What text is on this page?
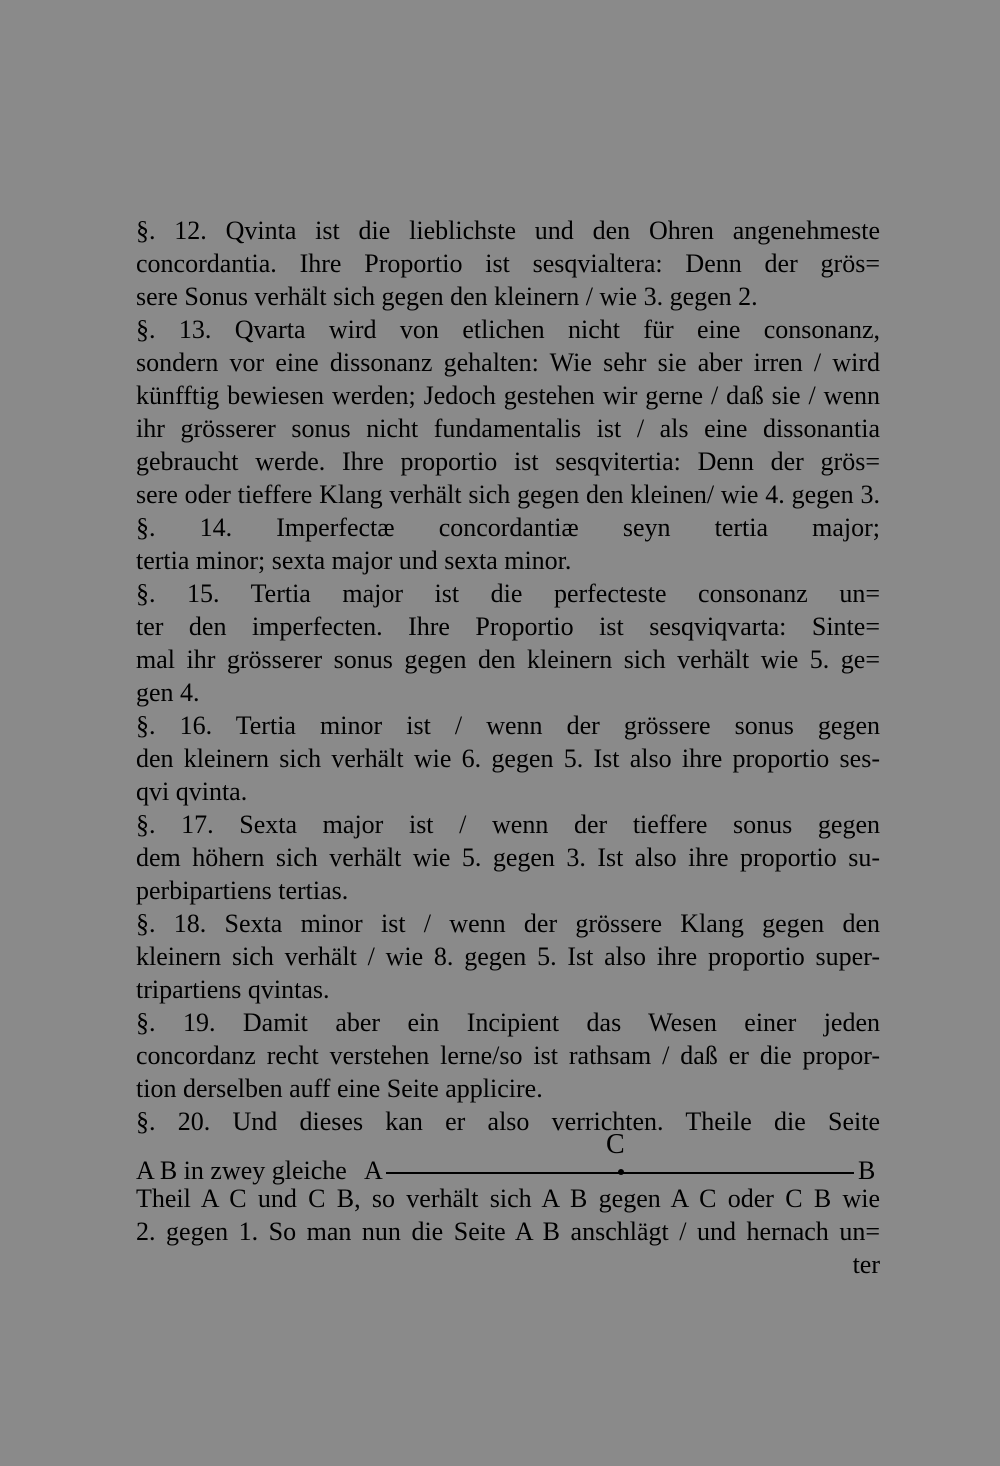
§. 12. Qvinta ist die lieblichste und den Ohren angenehmeste
concordantia. Ihre Proportio ist sesqvialtera: Denn der grös=
sere Sonus verhält sich gegen den kleinern / wie 3. gegen 2.
§. 13. Qvarta wird von etlichen nicht für eine consonanz,
sondern vor eine dissonanz gehalten: Wie sehr sie aber irren / wird
künfftig bewiesen werden; Jedoch gestehen wir gerne / daß sie / wenn
ihr grösserer sonus nicht fundamentalis ist / als eine dissonantia
gebraucht werde. Ihre proportio ist sesqvitertia: Denn der grös=
sere oder tieffere Klang verhält sich gegen den kleinen/ wie 4. gegen 3.
§. 14. Imperfectæ concordantiæ seyn tertia major;
tertia minor; sexta major und sexta minor.
§. 15. Tertia major ist die perfecteste consonanz un=
ter den imperfecten. Ihre Proportio ist sesqviqvarta: Sinte=
mal ihr grösserer sonus gegen den kleinern sich verhält wie 5. ge=
gen 4.
§. 16. Tertia minor ist / wenn der grössere sonus gegen
den kleinern sich verhält wie 6. gegen 5. Ist also ihre proportio ses-
qvi qvinta.
§. 17. Sexta major ist / wenn der tieffere sonus gegen
dem höhern sich verhält wie 5. gegen 3. Ist also ihre proportio su-
perbipartiens tertias.
§. 18. Sexta minor ist / wenn der grössere Klang gegen den
kleinern sich verhält / wie 8. gegen 5. Ist also ihre proportio super-
tripartiens qvintas.
§. 19. Damit aber ein Incipient das Wesen einer jeden
concordanz recht verstehen lerne/so ist rathsam / daß er die propor-
tion derselben auff eine Seite applicire.
§. 20. Und dieses kan er also verrichten. Theile die Seite
C
A B in zwey gleiche A	B
Theil A C und C B, so verhält sich A B gegen A C oder C B wie
2. gegen 1. So man nun die Seite A B anschlägt / und hernach un=
ter
